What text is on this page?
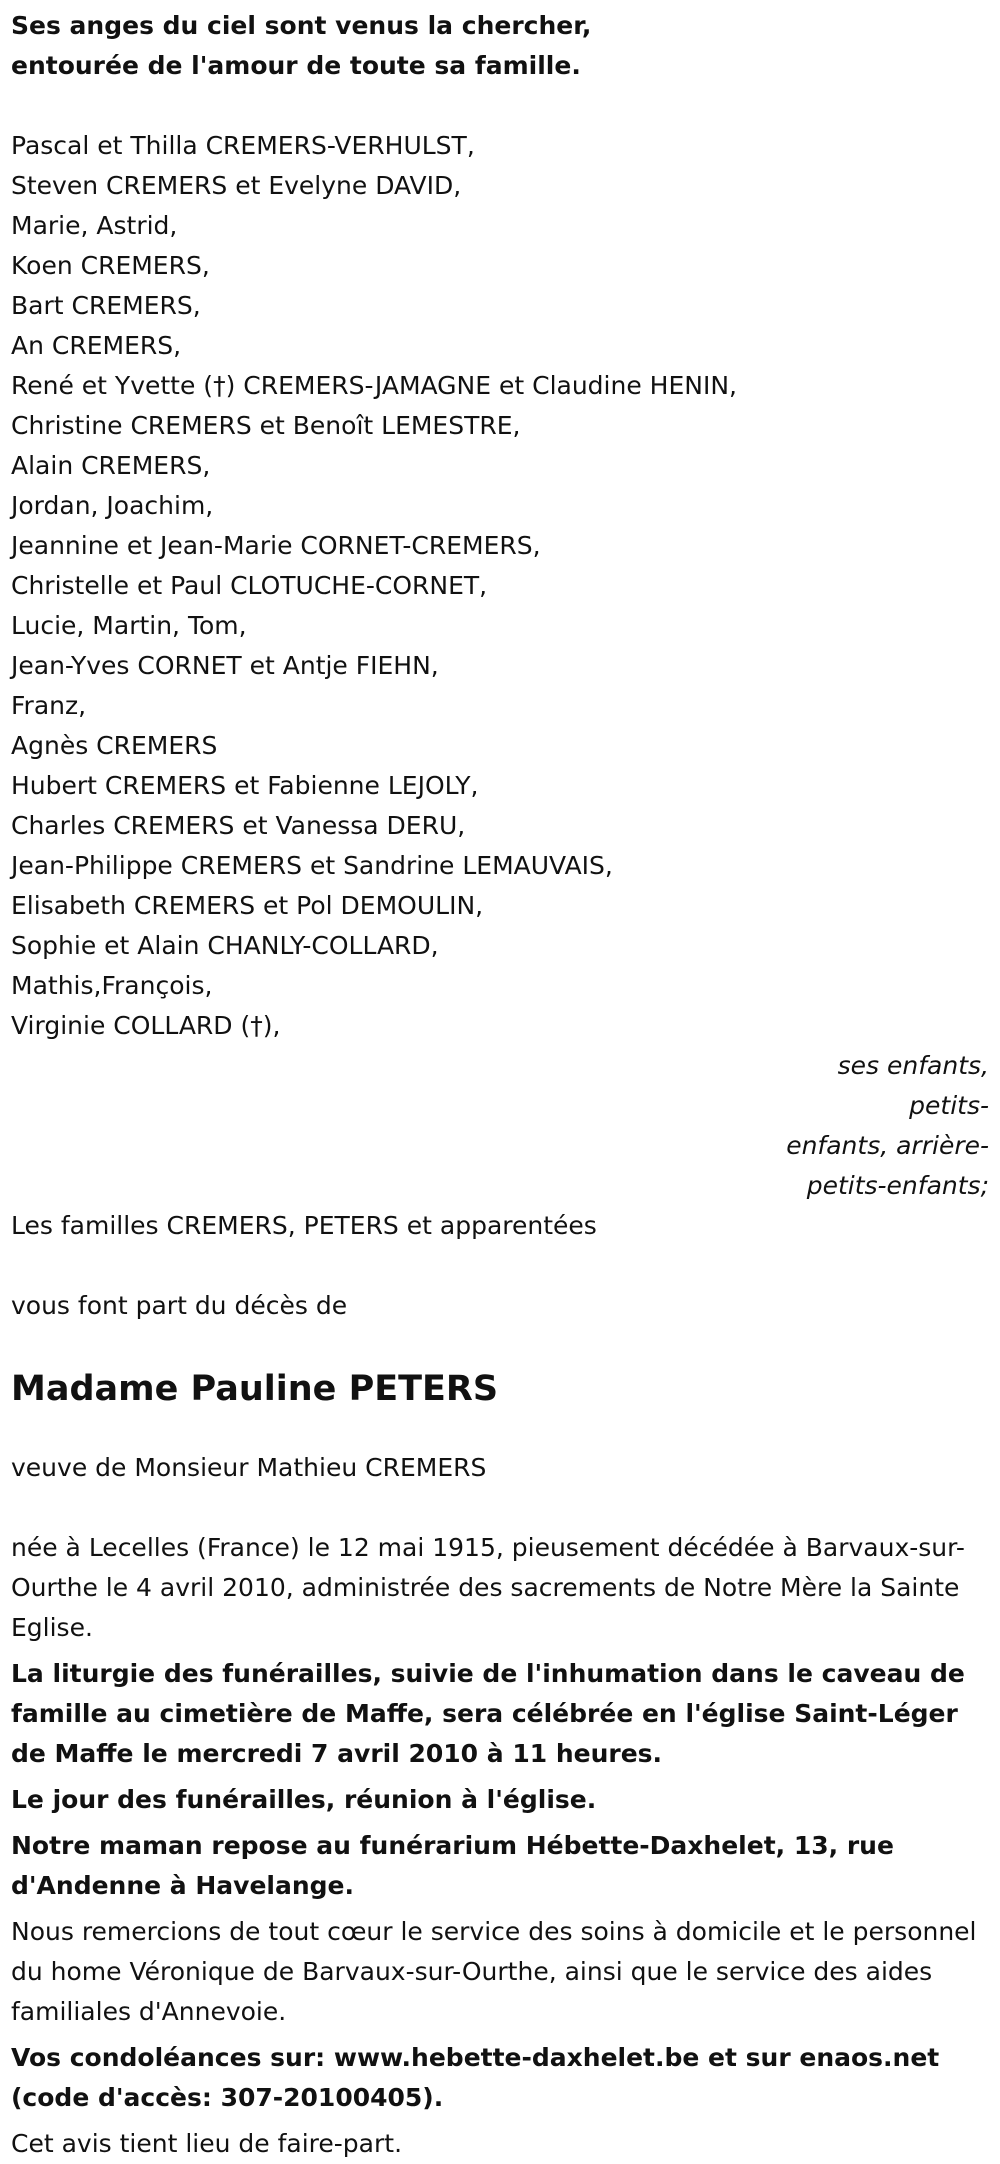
Ses anges du ciel sont venus la chercher,
entourée de l'amour de toute sa famille.
Pascal et Thilla CREMERS-VERHULST,
Steven CREMERS et Evelyne DAVID,
Marie, Astrid,
Koen CREMERS,
Bart CREMERS,
An CREMERS,
René et Yvette (†) CREMERS-JAMAGNE et Claudine HENIN,
Christine CREMERS et Benoît LEMESTRE,
Alain CREMERS,
Jordan, Joachim,
Jeannine et Jean-Marie CORNET-CREMERS,
Christelle et Paul CLOTUCHE-CORNET,
Lucie, Martin, Tom,
Jean-Yves CORNET et Antje FIEHN,
Franz,
Agnès CREMERS
Hubert CREMERS et Fabienne LEJOLY,
Charles CREMERS et Vanessa DERU,
Jean-Philippe CREMERS et Sandrine LEMAUVAIS,
Elisabeth CREMERS et Pol DEMOULIN,
Sophie et Alain CHANLY-COLLARD,
Mathis,François,
Virginie COLLARD (†),
ses enfants, petits-
enfants, arrière-
petits-enfants;
Les familles CREMERS, PETERS et apparentées
vous font part du décès de
Madame Pauline PETERS
veuve de Monsieur Mathieu CREMERS
née à Lecelles (France) le 12 mai 1915, pieusement décédée à Barvaux-sur-Ourthe le 4 avril 2010, administrée des sacrements de Notre Mère la Sainte Eglise.
La liturgie des funérailles, suivie de l'inhumation dans le caveau de famille au cimetière de Maffe, sera célébrée en l'église Saint-Léger de Maffe le mercredi 7 avril 2010 à 11 heures.
Le jour des funérailles, réunion à l'église.
Notre maman repose au funérarium Hébette-Daxhelet, 13, rue d'Andenne à Havelange.
Nous remercions de tout cœur le service des soins à domicile et le personnel du home Véronique de Barvaux-sur-Ourthe, ainsi que le service des aides familiales d'Annevoie.
Vos condoléances sur: www.hebette-daxhelet.be et sur enaos.net (code d'accès: 307-20100405).
Cet avis tient lieu de faire-part.
